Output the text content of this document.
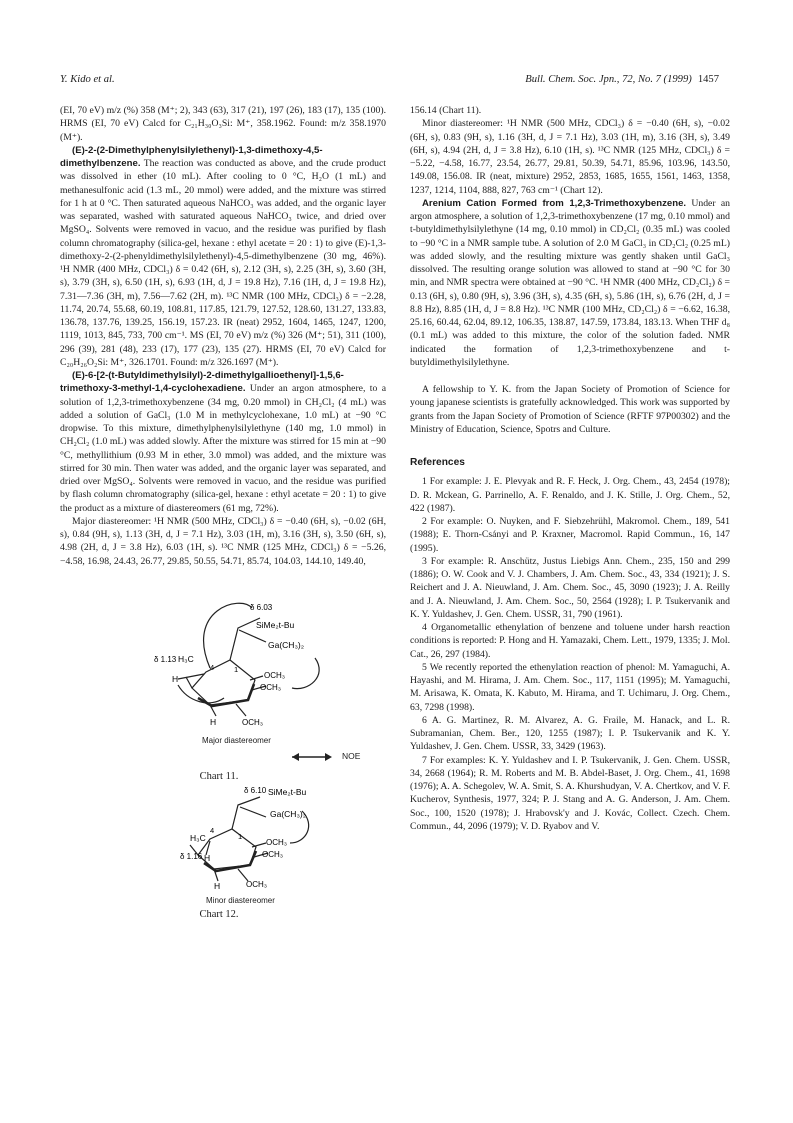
Y. Kido et al.	Bull. Chem. Soc. Jpn., 72, No. 7 (1999) 1457

(EI, 70 eV) m/z (%) 358 (M⁺; 2), 343 (63), 317 (21), 197 (26), 183 (17), 135 (100). HRMS (EI, 70 eV) Calcd for C₂₁H₃₀O₃Si: M⁺, 358.1962. Found: m/z 358.1970 (M⁺).

(E)-2-(2-Dimethylphenylsilylethenyl)-1,3-dimethoxy-4,5-dimethylbenzene. The reaction was conducted as above, and the crude product was dissolved in ether (10 mL). After cooling to 0 °C, H₂O (1 mL) and methanesulfonic acid (1.3 mL, 20 mmol) were added, and the mixture was stirred for 1 h at 0 °C. Then saturated aqueous NaHCO₃ was added, and the organic layer was separated, washed with saturated aqueous NaHCO₃ twice, and dried over MgSO₄. Solvents were removed in vacuo, and the residue was purified by flash column chromatography (silica-gel, hexane : ethyl acetate = 20 : 1) to give (E)-1,3-dimethoxy-2-(2-phenyldimethylsilylethenyl)-4,5-dimethylbenzene (30 mg, 46%). ¹H NMR (400 MHz, CDCl₃) δ = 0.42 (6H, s), 2.12 (3H, s), 2.25 (3H, s), 3.60 (3H, s), 3.79 (3H, s), 6.50 (1H, s), 6.93 (1H, d, J = 19.8 Hz), 7.16 (1H, d, J = 19.8 Hz), 7.31—7.36 (3H, m), 7.56—7.62 (2H, m). ¹³C NMR (100 MHz, CDCl₃) δ = −2.28, 11.74, 20.74, 55.68, 60.19, 108.81, 117.85, 121.79, 127.52, 128.60, 131.27, 133.83, 136.78, 137.76, 139.25, 156.19, 157.23. IR (neat) 2952, 1604, 1465, 1247, 1200, 1119, 1013, 845, 733, 700 cm⁻¹. MS (EI, 70 eV) m/z (%) 326 (M⁺; 51), 311 (100), 296 (39), 281 (48), 233 (17), 177 (23), 135 (27). HRMS (EI, 70 eV) Calcd for C₂₀H₂₆O₂Si: M⁺, 326.1701. Found: m/z 326.1697 (M⁺).

(E)-6-[2-(t-Butyldimethylsilyl)-2-dimethylgallioethenyl]-1,5,6-trimethoxy-3-methyl-1,4-cyclohexadiene. Under an argon atmosphere, to a solution of 1,2,3-trimethoxybenzene (34 mg, 0.20 mmol) in CH₂Cl₂ (4 mL) was added a solution of GaCl₃ (1.0 M in methylcyclohexane, 1.0 mL) at −90 °C dropwise. To this mixture, dimethylphenylsilylethyne (140 mg, 1.0 mmol) in CH₂Cl₂ (1.0 mL) was added slowly. After the mixture was stirred for 15 min at −90 °C, methyllithium (0.93 M in ether, 3.0 mmol) was added, and the mixture was stirred for 30 min. Then water was added, and the organic layer was separated, and dried over MgSO₄. Solvents were removed in vacuo, and the residue was purified by flash column chromatography (silica-gel, hexane : ethyl acetate = 20 : 1) to give the product as a mixture of diastereomers (61 mg, 72%).

Major diastereomer: ¹H NMR (500 MHz, CDCl₃) δ = −0.40 (6H, s), −0.02 (6H, s), 0.84 (9H, s), 1.13 (3H, d, J = 7.1 Hz), 3.03 (1H, m), 3.16 (3H, s), 3.50 (6H, s), 4.98 (2H, d, J = 3.8 Hz), 6.03 (1H, s). ¹³C NMR (125 MHz, CDCl₃) δ = −5.26, −4.58, 16.98, 24.43, 26.77, 29.85, 50.55, 54.71, 85.74, 104.03, 144.10, 149.40,

δ 6.03
SiMe₂t-Bu
Ga(CH₃)₂
δ 1.13 H₃C
4	1
H	OCH₃
OCH₃
H	OCH₃
Major diastereomer
NOE
Chart 11.
δ 6.10 SiMe₂t-Bu
Ga(CH₃)₂
H₃C
4
1
δ 1.16 H
OCH₃
OCH₃
H	OCH₃
Minor diastereomer
Chart 12.

156.14 (Chart 11).

Minor diastereomer: ¹H NMR (500 MHz, CDCl₃) δ = −0.40 (6H, s), −0.02 (6H, s), 0.83 (9H, s), 1.16 (3H, d, J = 7.1 Hz), 3.03 (1H, m), 3.16 (3H, s), 3.49 (6H, s), 4.94 (2H, d, J = 3.8 Hz), 6.10 (1H, s). ¹³C NMR (125 MHz, CDCl₃) δ = −5.22, −4.58, 16.77, 23.54, 26.77, 29.81, 50.39, 54.71, 85.96, 103.96, 143.50, 149.08, 156.08. IR (neat, mixture) 2952, 2853, 1685, 1655, 1561, 1463, 1358, 1237, 1214, 1104, 888, 827, 763 cm⁻¹ (Chart 12).

Arenium Cation Formed from 1,2,3-Trimethoxybenzene. Under an argon atmosphere, a solution of 1,2,3-trimethoxybenzene (17 mg, 0.10 mmol) and t-butyldimethylsilylethyne (14 mg, 0.10 mmol) in CD₂Cl₂ (0.35 mL) was cooled to −90 °C in a NMR sample tube. A solution of 2.0 M GaCl₃ in CD₂Cl₂ (0.25 mL) was added slowly, and the resulting mixture was gently shaken until GaCl₃ dissolved. The resulting orange solution was allowed to stand at −90 °C for 30 min, and NMR spectra were obtained at −90 °C. ¹H NMR (400 MHz, CD₂Cl₂) δ = 0.13 (6H, s), 0.80 (9H, s), 3.96 (3H, s), 4.35 (6H, s), 5.86 (1H, s), 6.76 (2H, d, J = 8.8 Hz), 8.85 (1H, d, J = 8.8 Hz). ¹³C NMR (100 MHz, CD₂Cl₂) δ = −6.62, 16.38, 25.16, 60.44, 62.04, 89.12, 106.35, 138.87, 147.59, 173.84, 183.13. When THF d₈ (0.1 mL) was added to this mixture, the color of the solution faded. NMR indicated the formation of 1,2,3-trimethoxybenzene and t-butyldimethylsilylethyne.

A fellowship to Y. K. from the Japan Society of Promotion of Science for young japanese scientists is gratefully acknowledged. This work was supported by grants from the Japan Society of Promotion of Science (RFTF 97P00302) and the Ministry of Education, Science, Spotrs and Culture.

References

1 For example: J. E. Plevyak and R. F. Heck, J. Org. Chem., 43, 2454 (1978); D. R. Mckean, G. Parrinello, A. F. Renaldo, and J. K. Stille, J. Org. Chem., 52, 422 (1987).

2 For example: O. Nuyken, and F. Siebzehrühl, Makromol. Chem., 189, 541 (1988); E. Thorn-Csányi and P. Kraxner, Macromol. Rapid Commun., 16, 147 (1995).

3 For example: R. Anschütz, Justus Liebigs Ann. Chem., 235, 150 and 299 (1886); O. W. Cook and V. J. Chambers, J. Am. Chem. Soc., 43, 334 (1921); J. S. Reichert and J. A. Nieuwland, J. Am. Chem. Soc., 45, 3090 (1923); J. A. Reilly and J. A. Nieuwland, J. Am. Chem. Soc., 50, 2564 (1928); I. P. Tsukervanik and K. Y. Yuldashev, J. Gen. Chem. USSR, 31, 790 (1961).

4 Organometallic ethenylation of benzene and toluene under harsh reaction conditions is reported: P. Hong and H. Yamazaki, Chem. Lett., 1979, 1335; J. Mol. Cat., 26, 297 (1984).

5 We recently reported the ethenylation reaction of phenol: M. Yamaguchi, A. Hayashi, and M. Hirama, J. Am. Chem. Soc., 117, 1151 (1995); M. Yamaguchi, M. Arisawa, K. Omata, K. Kabuto, M. Hirama, and T. Uchimaru, J. Org. Chem., 63, 7298 (1998).

6 A. G. Martinez, R. M. Alvarez, A. G. Fraile, M. Hanack, and L. R. Subramanian, Chem. Ber., 120, 1255 (1987); I. P. Tsukervanik and K. Y. Yuldashev, J. Gen. Chem. USSR, 33, 3429 (1963).

7 For examples: K. Y. Yuldashev and I. P. Tsukervanik, J. Gen. Chem. USSR, 34, 2668 (1964); R. M. Roberts and M. B. Abdel-Baset, J. Org. Chem., 41, 1698 (1976); A. A. Schegolev, W. A. Smit, S. A. Khurshudyan, V. A. Chertkov, and V. F. Kucherov, Synthesis, 1977, 324; P. J. Stang and A. G. Anderson, J. Am. Chem. Soc., 100, 1520 (1978); J. Hrabovsk'y and J. Kovác, Collect. Czech. Chem. Commun., 44, 2096 (1979); V. D. Ryabov and V.
